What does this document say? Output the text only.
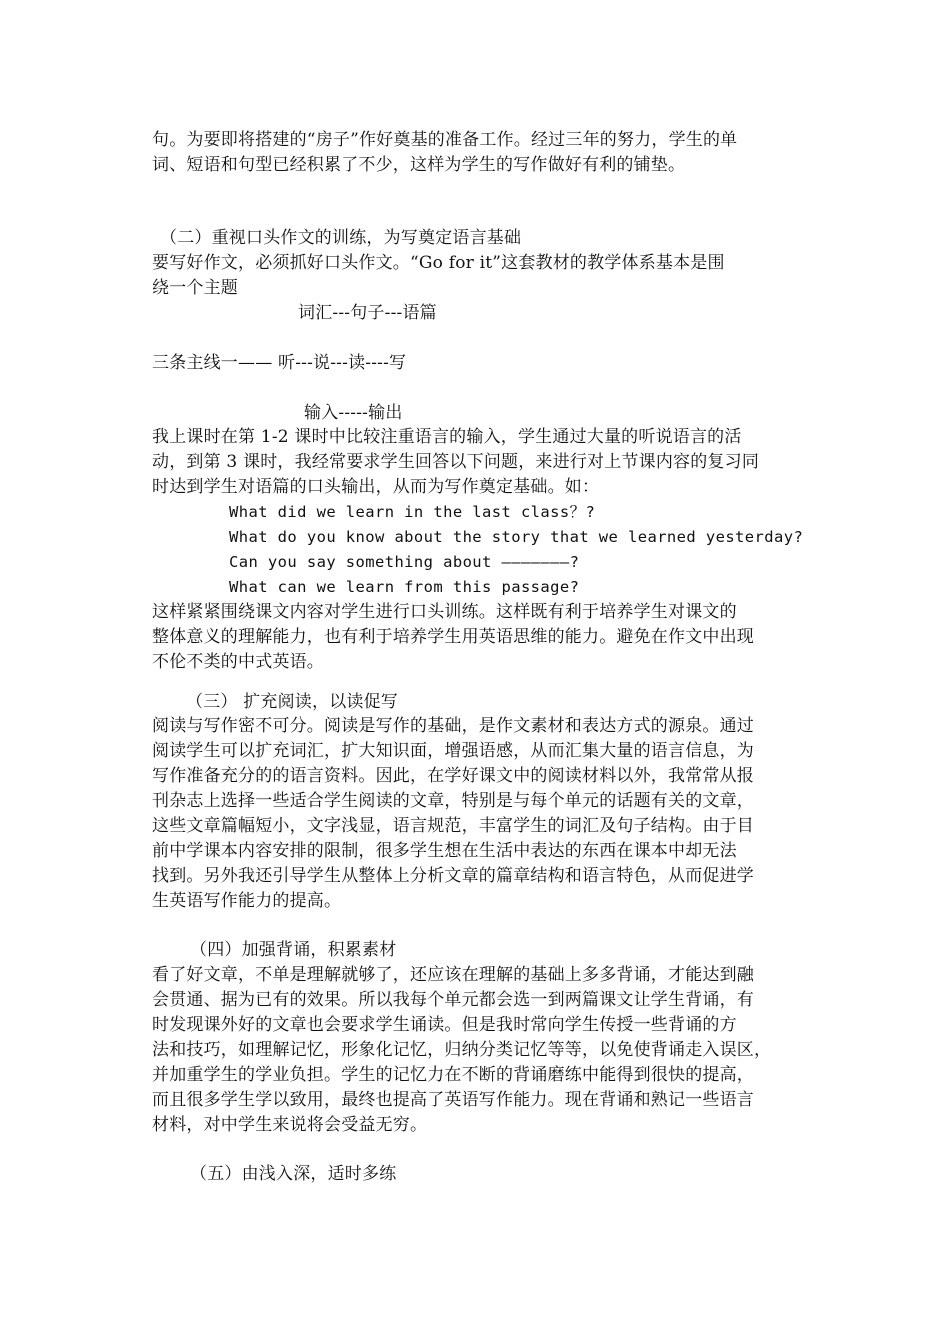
句。为要即将搭建的“房子”作好奠基的准备工作。经过三年的努力，学生的单
词、短语和句型已经积累了不少，这样为学生的写作做好有利的铺垫。
（二）重视口头作文的训练，为写奠定语言基础
要写好作文，必须抓好口头作文。“Go for it”这套教材的教学体系基本是围
绕一个主题
词汇---句子---语篇
三条主线一—— 听---说---读----写
输入-----输出
我上课时在第 1-2 课时中比较注重语言的输入，学生通过大量的听说语言的活
动，到第 3 课时，我经常要求学生回答以下问题，来进行对上节课内容的复习同
时达到学生对语篇的口头输出，从而为写作奠定基础。如：
What did we learn in the last class？?
What do you know about the story that we learned yesterday?
Can you say something about ———————?
What can we learn from this passage?
这样紧紧围绕课文内容对学生进行口头训练。这样既有利于培养学生对课文的
整体意义的理解能力，也有利于培养学生用英语思维的能力。避免在作文中出现
不伦不类的中式英语。
（三） 扩充阅读，以读促写
阅读与写作密不可分。阅读是写作的基础，是作文素材和表达方式的源泉。通过
阅读学生可以扩充词汇，扩大知识面，增强语感，从而汇集大量的语言信息，为
写作准备充分的的语言资料。因此，在学好课文中的阅读材料以外，我常常从报
刊杂志上选择一些适合学生阅读的文章，特别是与每个单元的话题有关的文章，
这些文章篇幅短小，文字浅显，语言规范，丰富学生的词汇及句子结构。由于目
前中学课本内容安排的限制，很多学生想在生活中表达的东西在课本中却无法
找到。另外我还引导学生从整体上分析文章的篇章结构和语言特色，从而促进学
生英语写作能力的提高。
（四）加强背诵，积累素材
看了好文章，不单是理解就够了，还应该在理解的基础上多多背诵，才能达到融
会贯通、据为已有的效果。所以我每个单元都会选一到两篇课文让学生背诵，有
时发现课外好的文章也会要求学生诵读。但是我时常向学生传授一些背诵的方
法和技巧，如理解记忆，形象化记忆，归纳分类记忆等等，以免使背诵走入误区，
并加重学生的学业负担。学生的记忆力在不断的背诵磨练中能得到很快的提高，
而且很多学生学以致用，最终也提高了英语写作能力。现在背诵和熟记一些语言
材料，对中学生来说将会受益无穷。
（五）由浅入深，适时多练
